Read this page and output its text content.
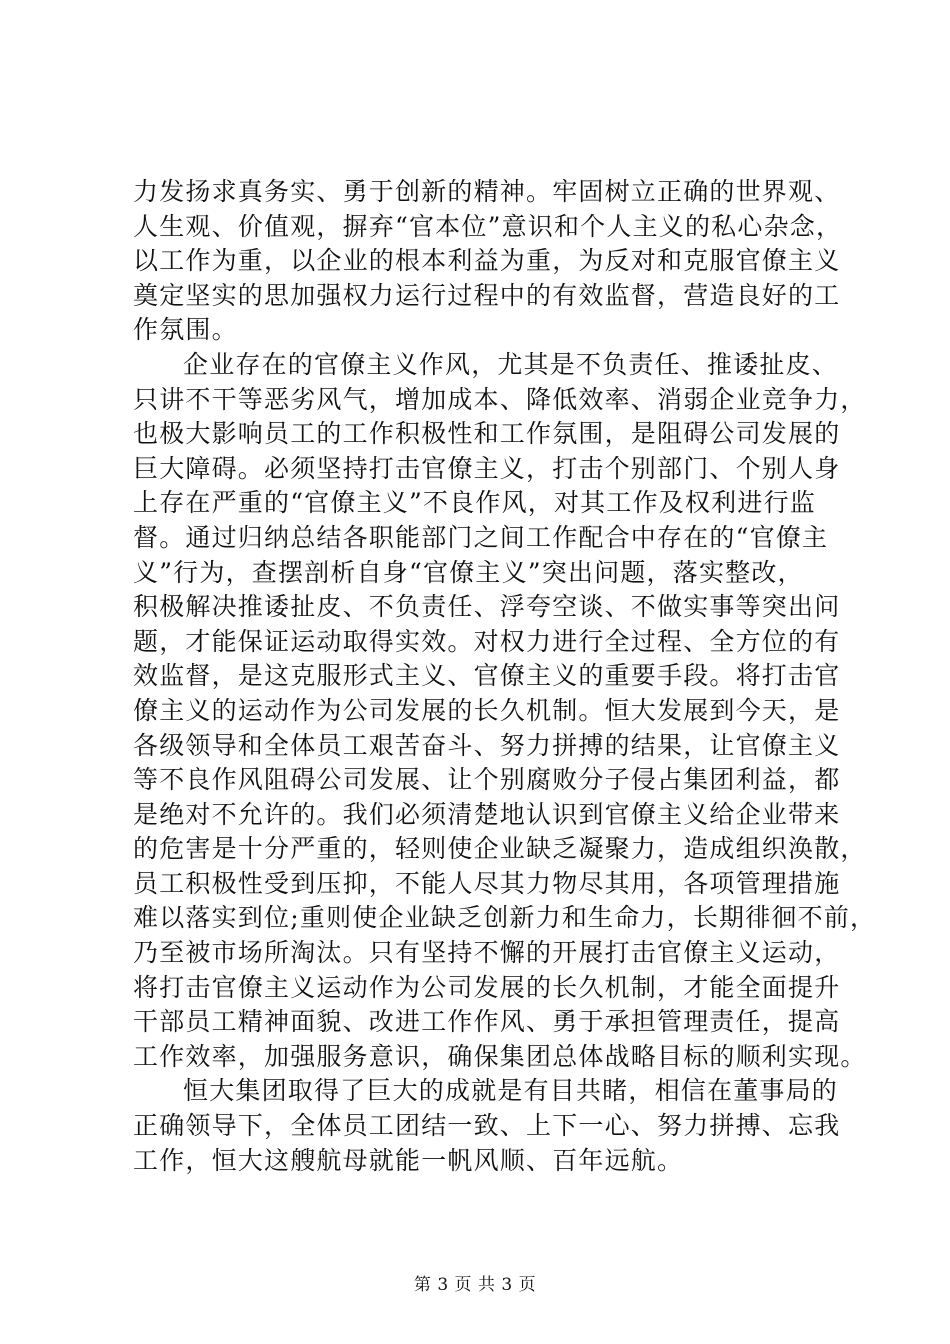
力发扬求真务实、勇于创新的精神。牢固树立正确的世界观、
人生观、价值观，摒弃“官本位”意识和个人主义的私心杂念，
以工作为重，以企业的根本利益为重，为反对和克服官僚主义
奠定坚实的思加强权力运行过程中的有效监督，营造良好的工
作氛围。
企业存在的官僚主义作风，尤其是不负责任、推诿扯皮、
只讲不干等恶劣风气，增加成本、降低效率、消弱企业竞争力，
也极大影响员工的工作积极性和工作氛围，是阻碍公司发展的
巨大障碍。必须坚持打击官僚主义，打击个别部门、个别人身
上存在严重的“官僚主义”不良作风，对其工作及权利进行监
督。通过归纳总结各职能部门之间工作配合中存在的“官僚主
义”行为，查摆剖析自身“官僚主义”突出问题，落实整改，
积极解决推诿扯皮、不负责任、浮夸空谈、不做实事等突出问
题，才能保证运动取得实效。对权力进行全过程、全方位的有
效监督，是这克服形式主义、官僚主义的重要手段。将打击官
僚主义的运动作为公司发展的长久机制。恒大发展到今天，是
各级领导和全体员工艰苦奋斗、努力拼搏的结果，让官僚主义
等不良作风阻碍公司发展、让个别腐败分子侵占集团利益，都
是绝对不允许的。我们必须清楚地认识到官僚主义给企业带来
的危害是十分严重的，轻则使企业缺乏凝聚力，造成组织涣散，
员工积极性受到压抑，不能人尽其力物尽其用，各项管理措施
难以落实到位;重则使企业缺乏创新力和生命力，长期徘徊不前，
乃至被市场所淘汰。只有坚持不懈的开展打击官僚主义运动，
将打击官僚主义运动作为公司发展的长久机制，才能全面提升
干部员工精神面貌、改进工作作风、勇于承担管理责任，提高
工作效率，加强服务意识，确保集团总体战略目标的顺利实现。
恒大集团取得了巨大的成就是有目共睹，相信在董事局的
正确领导下，全体员工团结一致、上下一心、努力拼搏、忘我
工作，恒大这艘航母就能一帆风顺、百年远航。
第 3 页 共 3 页
